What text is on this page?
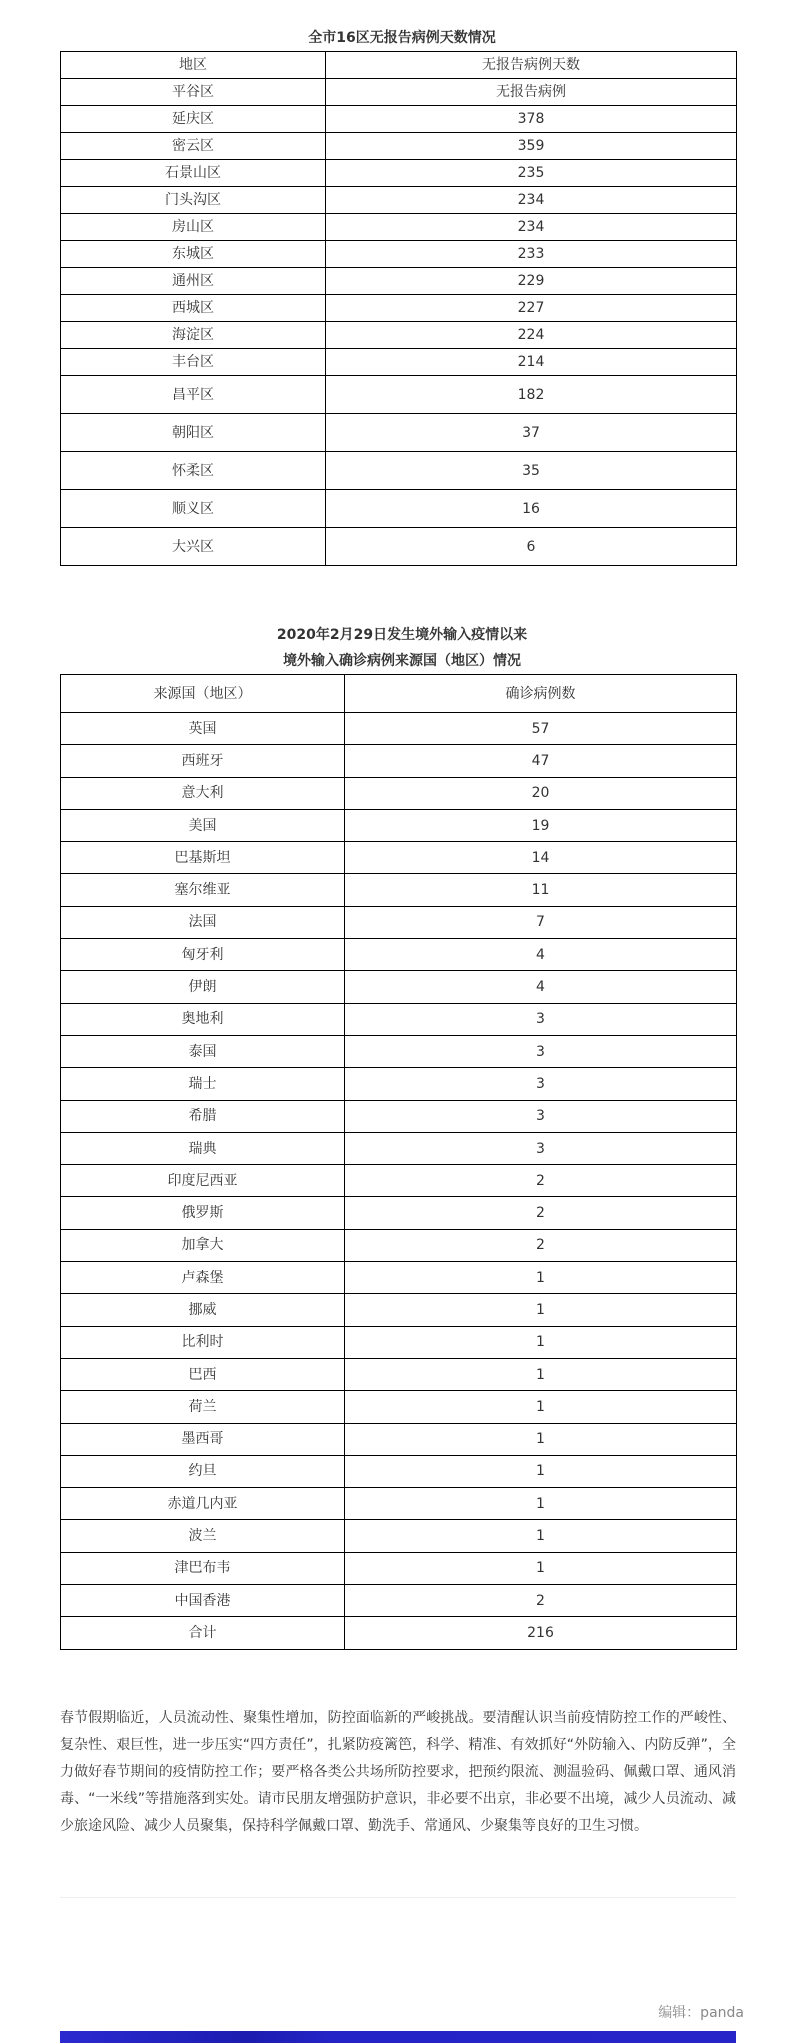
全市16区无报告病例天数情况
地区	无报告病例天数
平谷区	无报告病例
延庆区	378
密云区	359
石景山区	235
门头沟区	234
房山区	234
东城区	233
通州区	229
西城区	227
海淀区	224
丰台区	214
昌平区	182
朝阳区	37
怀柔区	35
顺义区	16
大兴区	6
2020年2月29日发生境外输入疫情以来
境外输入确诊病例来源国（地区）情况
来源国（地区）	确诊病例数
英国	57
西班牙	47
意大利	20
美国	19
巴基斯坦	14
塞尔维亚	11
法国	7
匈牙利	4
伊朗	4
奥地利	3
泰国	3
瑞士	3
希腊	3
瑞典	3
印度尼西亚	2
俄罗斯	2
加拿大	2
卢森堡	1
挪威	1
比利时	1
巴西	1
荷兰	1
墨西哥	1
约旦	1
赤道几内亚	1
波兰	1
津巴布韦	1
中国香港	2
合计	216

春节假期临近，人员流动性、聚集性增加，防控面临新的严峻挑战。要清醒认识当前疫情防控工作的严峻性、复杂性、艰巨性，进一步压实“四方责任”，扎紧防疫篱笆，科学、精准、有效抓好“外防输入、内防反弹”，全力做好春节期间的疫情防控工作；要严格各类公共场所防控要求，把预约限流、测温验码、佩戴口罩、通风消毒、“一米线”等措施落到实处。请市民朋友增强防护意识，非必要不出京，非必要不出境，减少人员流动、减少旅途风险、减少人员聚集，保持科学佩戴口罩、勤洗手、常通风、少聚集等良好的卫生习惯。

编辑：panda
